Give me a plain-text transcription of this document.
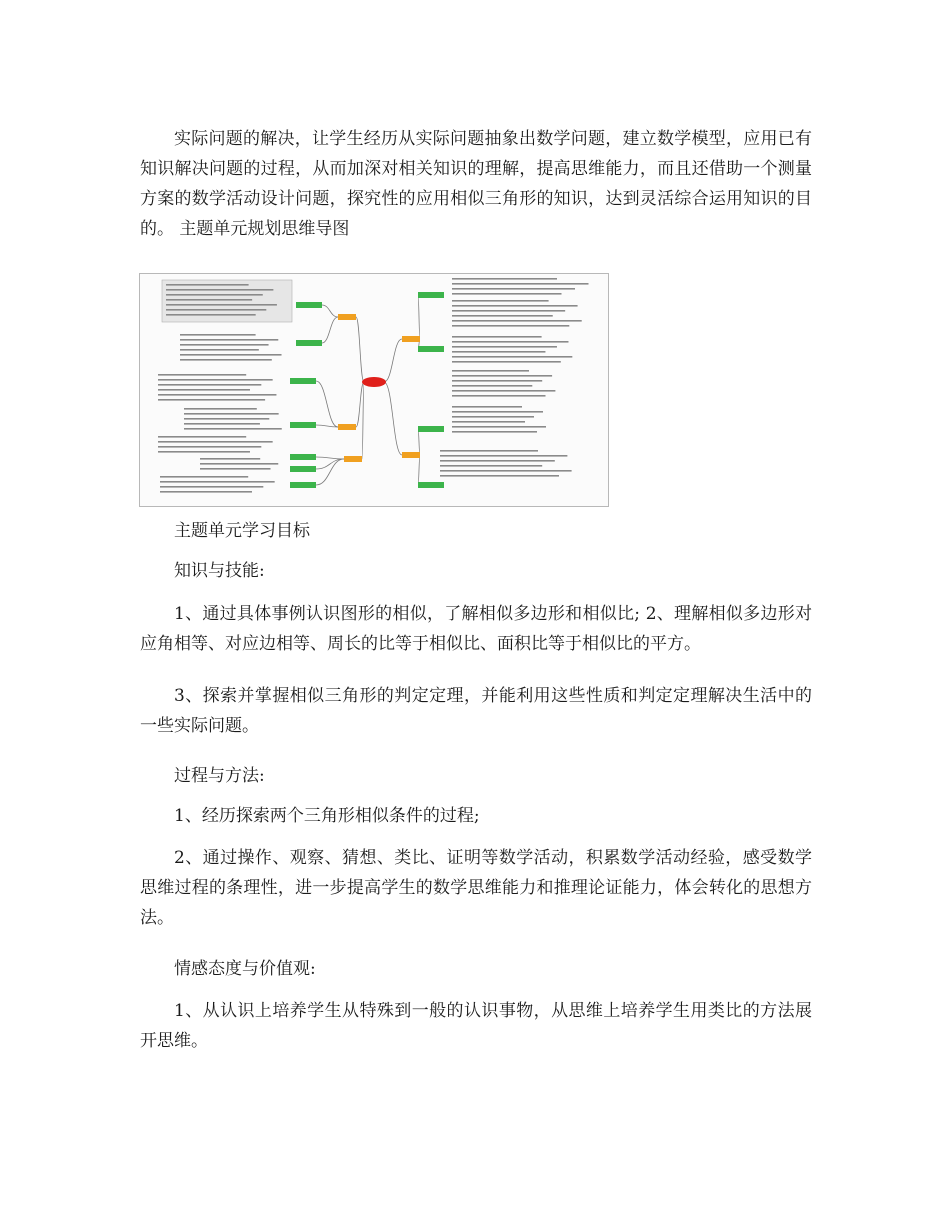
实际问题的解决，让学生经历从实际问题抽象出数学问题，建立数学模型，应用已有知识解决问题的过程，从而加深对相关知识的理解，提高思维能力，而且还借助一个测量方案的数学活动设计问题，探究性的应用相似三角形的知识，达到灵活综合运用知识的目的。 主题单元规划思维导图

主题单元学习目标

知识与技能:

1、通过具体事例认识图形的相似，了解相似多边形和相似比; 2、理解相似多边形对应角相等、对应边相等、周长的比等于相似比、面积比等于相似比的平方。

3、探索并掌握相似三角形的判定定理，并能利用这些性质和判定定理解决生活中的一些实际问题。

过程与方法:

1、经历探索两个三角形相似条件的过程;

2、通过操作、观察、猜想、类比、证明等数学活动，积累数学活动经验，感受数学思维过程的条理性，进一步提高学生的数学思维能力和推理论证能力，体会转化的思想方法。

情感态度与价值观:

1、从认识上培养学生从特殊到一般的认识事物，从思维上培养学生用类比的方法展开思维。
